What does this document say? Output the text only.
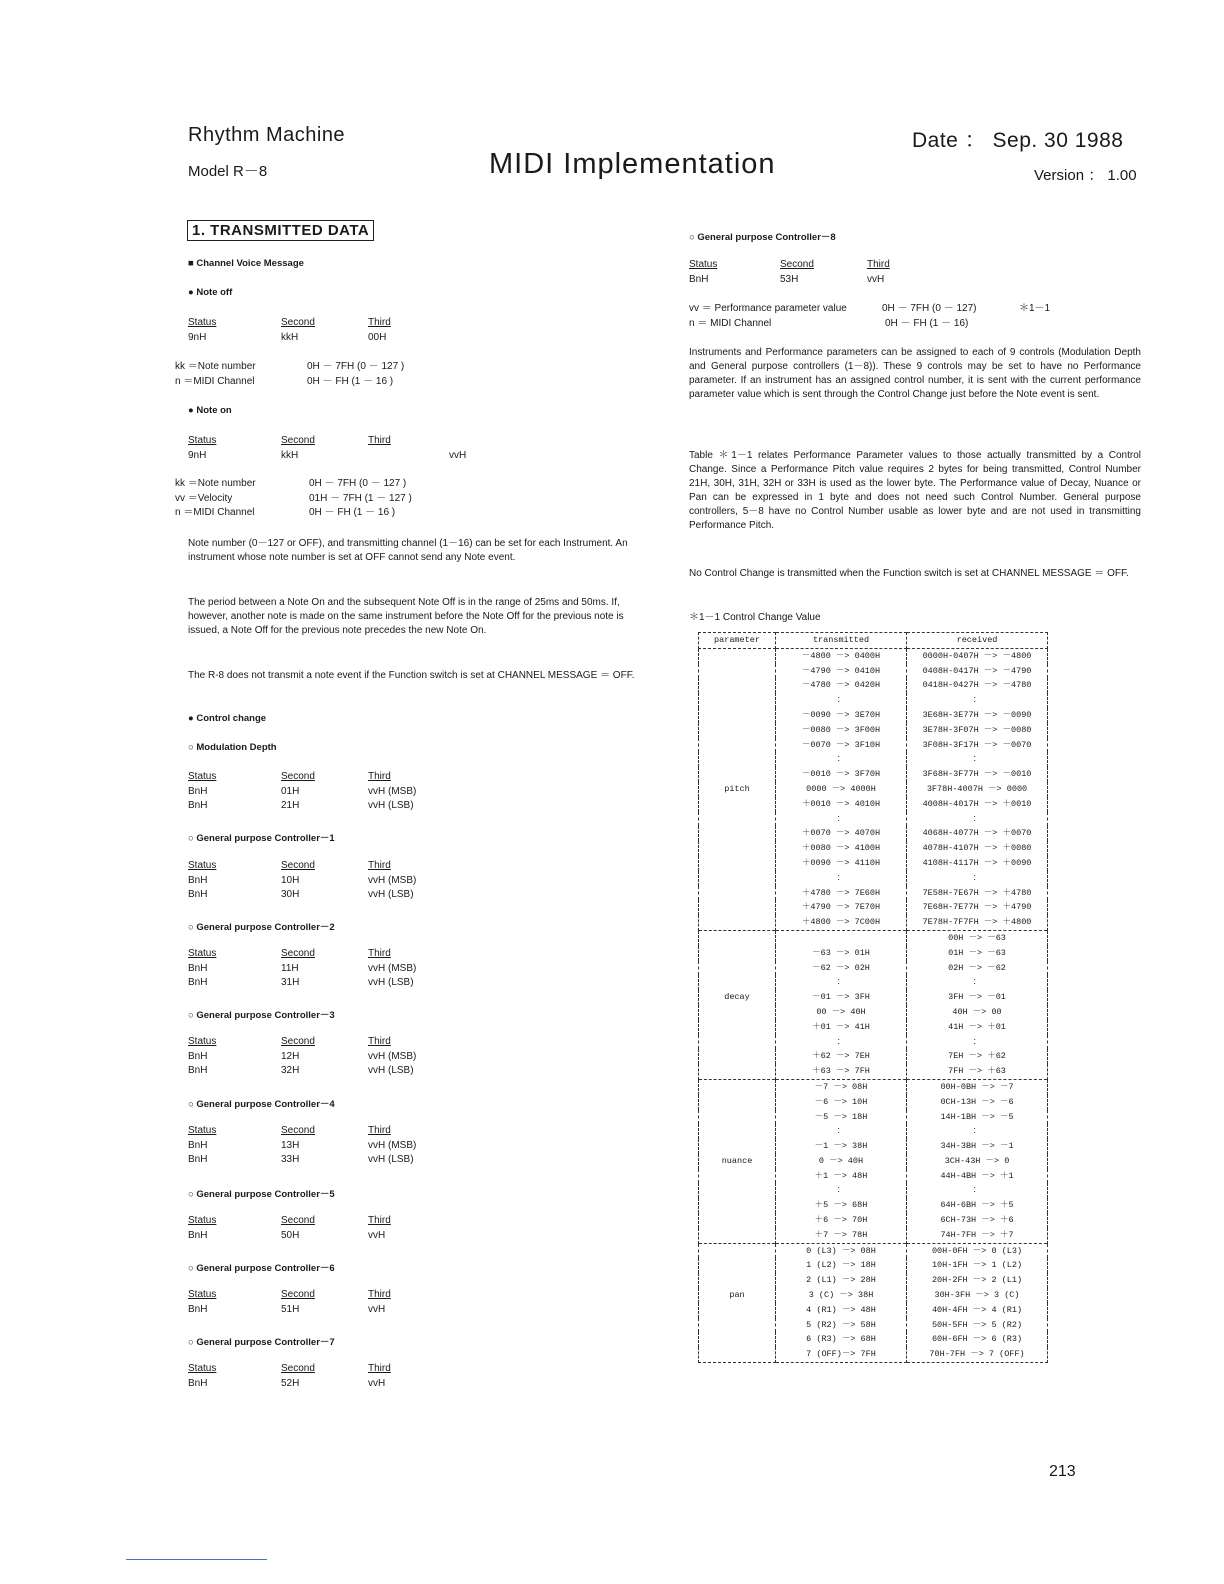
Rhythm Machine
Model R－8	MIDI Implementation
Date ： Sep. 30 1988
Version ： 1.00
1. TRANSMITTED DATA
■ Channel Voice Message
● Note off
Status	Second	Third
9nH	kkH	00H
kk ＝Note number	0H － 7FH (0 － 127 )
n ＝MIDI Channel	0H － FH (1 － 16 )
● Note on
Status	Second	Third
9nH	kkH	vvH
kk ＝Note number	0H － 7FH (0 － 127 )
vv ＝Velocity	01H － 7FH (1 － 127 )
n ＝MIDI Channel	0H － FH (1 － 16 )
Note number (0－127 or OFF), and transmitting channel (1－16) can be set for each Instrument. An instrument whose note number is set at OFF cannot send any Note event.
The period between a Note On and the subsequent Note Off is in the range of 25ms and 50ms. If, however, another note is made on the same instrument before the Note Off for the previous note is issued, a Note Off for the previous note precedes the new Note On.
The R-8 does not transmit a note event if the Function switch is set at CHANNEL MESSAGE ＝ OFF.
● Control change
○ Modulation Depth
Status	Second	Third
BnH	01H	vvH (MSB)
BnH	21H	vvH (LSB)
○ General purpose Controller－1
Status	Second	Third
BnH	10H	vvH (MSB)
BnH	30H	vvH (LSB)
○ General purpose Controller－2
Status	Second	Third
BnH	11H	vvH (MSB)
BnH	31H	vvH (LSB)
○ General purpose Controller－3
Status	Second	Third
BnH	12H	vvH (MSB)
BnH	32H	vvH (LSB)
○ General purpose Controller－4
Status	Second	Third
BnH	13H	vvH (MSB)
BnH	33H	vvH (LSB)
○ General purpose Controller－5
Status	Second	Third
BnH	50H	vvH
○ General purpose Controller－6
Status	Second	Third
BnH	51H	vvH
○ General purpose Controller－7
Status	Second	Third
BnH	52H	vvH
○ General purpose Controller－8
Status	Second	Third
BnH	53H	vvH
vv ＝ Performance parameter value	0H － 7FH (0 － 127)	＊1－1
n ＝ MIDI Channel	0H － FH (1 － 16)
Instruments and Performance parameters can be assigned to each of 9 controls (Modulation Depth and General purpose controllers (1－8)). These 9 controls may be set to have no Performance parameter. If an instrument has an assigned control number, it is sent with the current performance parameter value which is sent through the Control Change just before the Note event is sent.
Table ＊1－1 relates Performance Parameter values to those actually transmitted by a Control Change. Since a Performance Pitch value requires 2 bytes for being transmitted, Control Number 21H, 30H, 31H, 32H or 33H is used as the lower byte. The Performance value of Decay, Nuance or Pan can be expressed in 1 byte and does not need such Control Number. General purpose controllers, 5－8 have no Control Number usable as lower byte and are not used in transmitting Performance Pitch.
No Control Change is transmitted when the Function switch is set at CHANNEL MESSAGE ＝ OFF.
＊1－1 Control Change Value
parameter	transmitted	received
	－4800 －> 0400H	0000H-0407H －> －4800
	－4790 －> 0410H	0408H-0417H －> －4790
	－4780 －> 0420H	0418H-0427H －> －4780
	：	：
	－0090 －> 3E70H	3E68H-3E77H －> －0090
	－0080 －> 3F00H	3E78H-3F07H －> －0080
	－0070 －> 3F10H	3F08H-3F17H －> －0070
	：	：
	－0010 －> 3F70H	3F68H-3F77H －> －0010
pitch	0000 －> 4000H	3F78H-4007H －> 0000
	＋0010 －> 4010H	4008H-4017H －> ＋0010
	：	：
	＋0070 －> 4070H	4068H-4077H －> ＋0070
	＋0080 －> 4100H	4078H-4107H －> ＋0080
	＋0090 －> 4110H	4108H-4117H －> ＋0090
	：	：
	＋4780 －> 7E60H	7E58H-7E67H －> ＋4780
	＋4790 －> 7E70H	7E68H-7E77H －> ＋4790
	＋4800 －> 7C00H	7E78H-7F7FH －> ＋4800
		00H －> －63
	－63 －> 01H	01H －> －63
	－62 －> 02H	02H －> －62
	：	：
decay	－01 －> 3FH	3FH －> －01
	00 －> 40H	40H －> 00
	＋01 －> 41H	41H －> ＋01
	：	：
	＋62 －> 7EH	7EH －> ＋62
	＋63 －> 7FH	7FH －> ＋63
	－7 －> 08H	00H-0BH －> －7
	－6 －> 10H	0CH-13H －> －6
	－5 －> 18H	14H-1BH －> －5
	：	：
	－1 －> 38H	34H-3BH －> －1
nuance	0 －> 40H	3CH-43H －> 0
	＋1 －> 48H	44H-4BH －> ＋1
	：	：
	＋5 －> 68H	64H-6BH －> ＋5
	＋6 －> 70H	6CH-73H －> ＋6
	＋7 －> 78H	74H-7FH －> ＋7
	0 (L3) －> 08H	00H-0FH －> 0 (L3)
	1 (L2) －> 18H	10H-1FH －> 1 (L2)
	2 (L1) －> 28H	20H-2FH －> 2 (L1)
pan	3 (C) －> 38H	30H-3FH －> 3 (C)
	4 (R1) －> 48H	40H-4FH －> 4 (R1)
	5 (R2) －> 58H	50H-5FH －> 5 (R2)
	6 (R3) －> 68H	60H-6FH －> 6 (R3)
	7 (OFF)－> 7FH	70H-7FH －> 7 (OFF)
213
